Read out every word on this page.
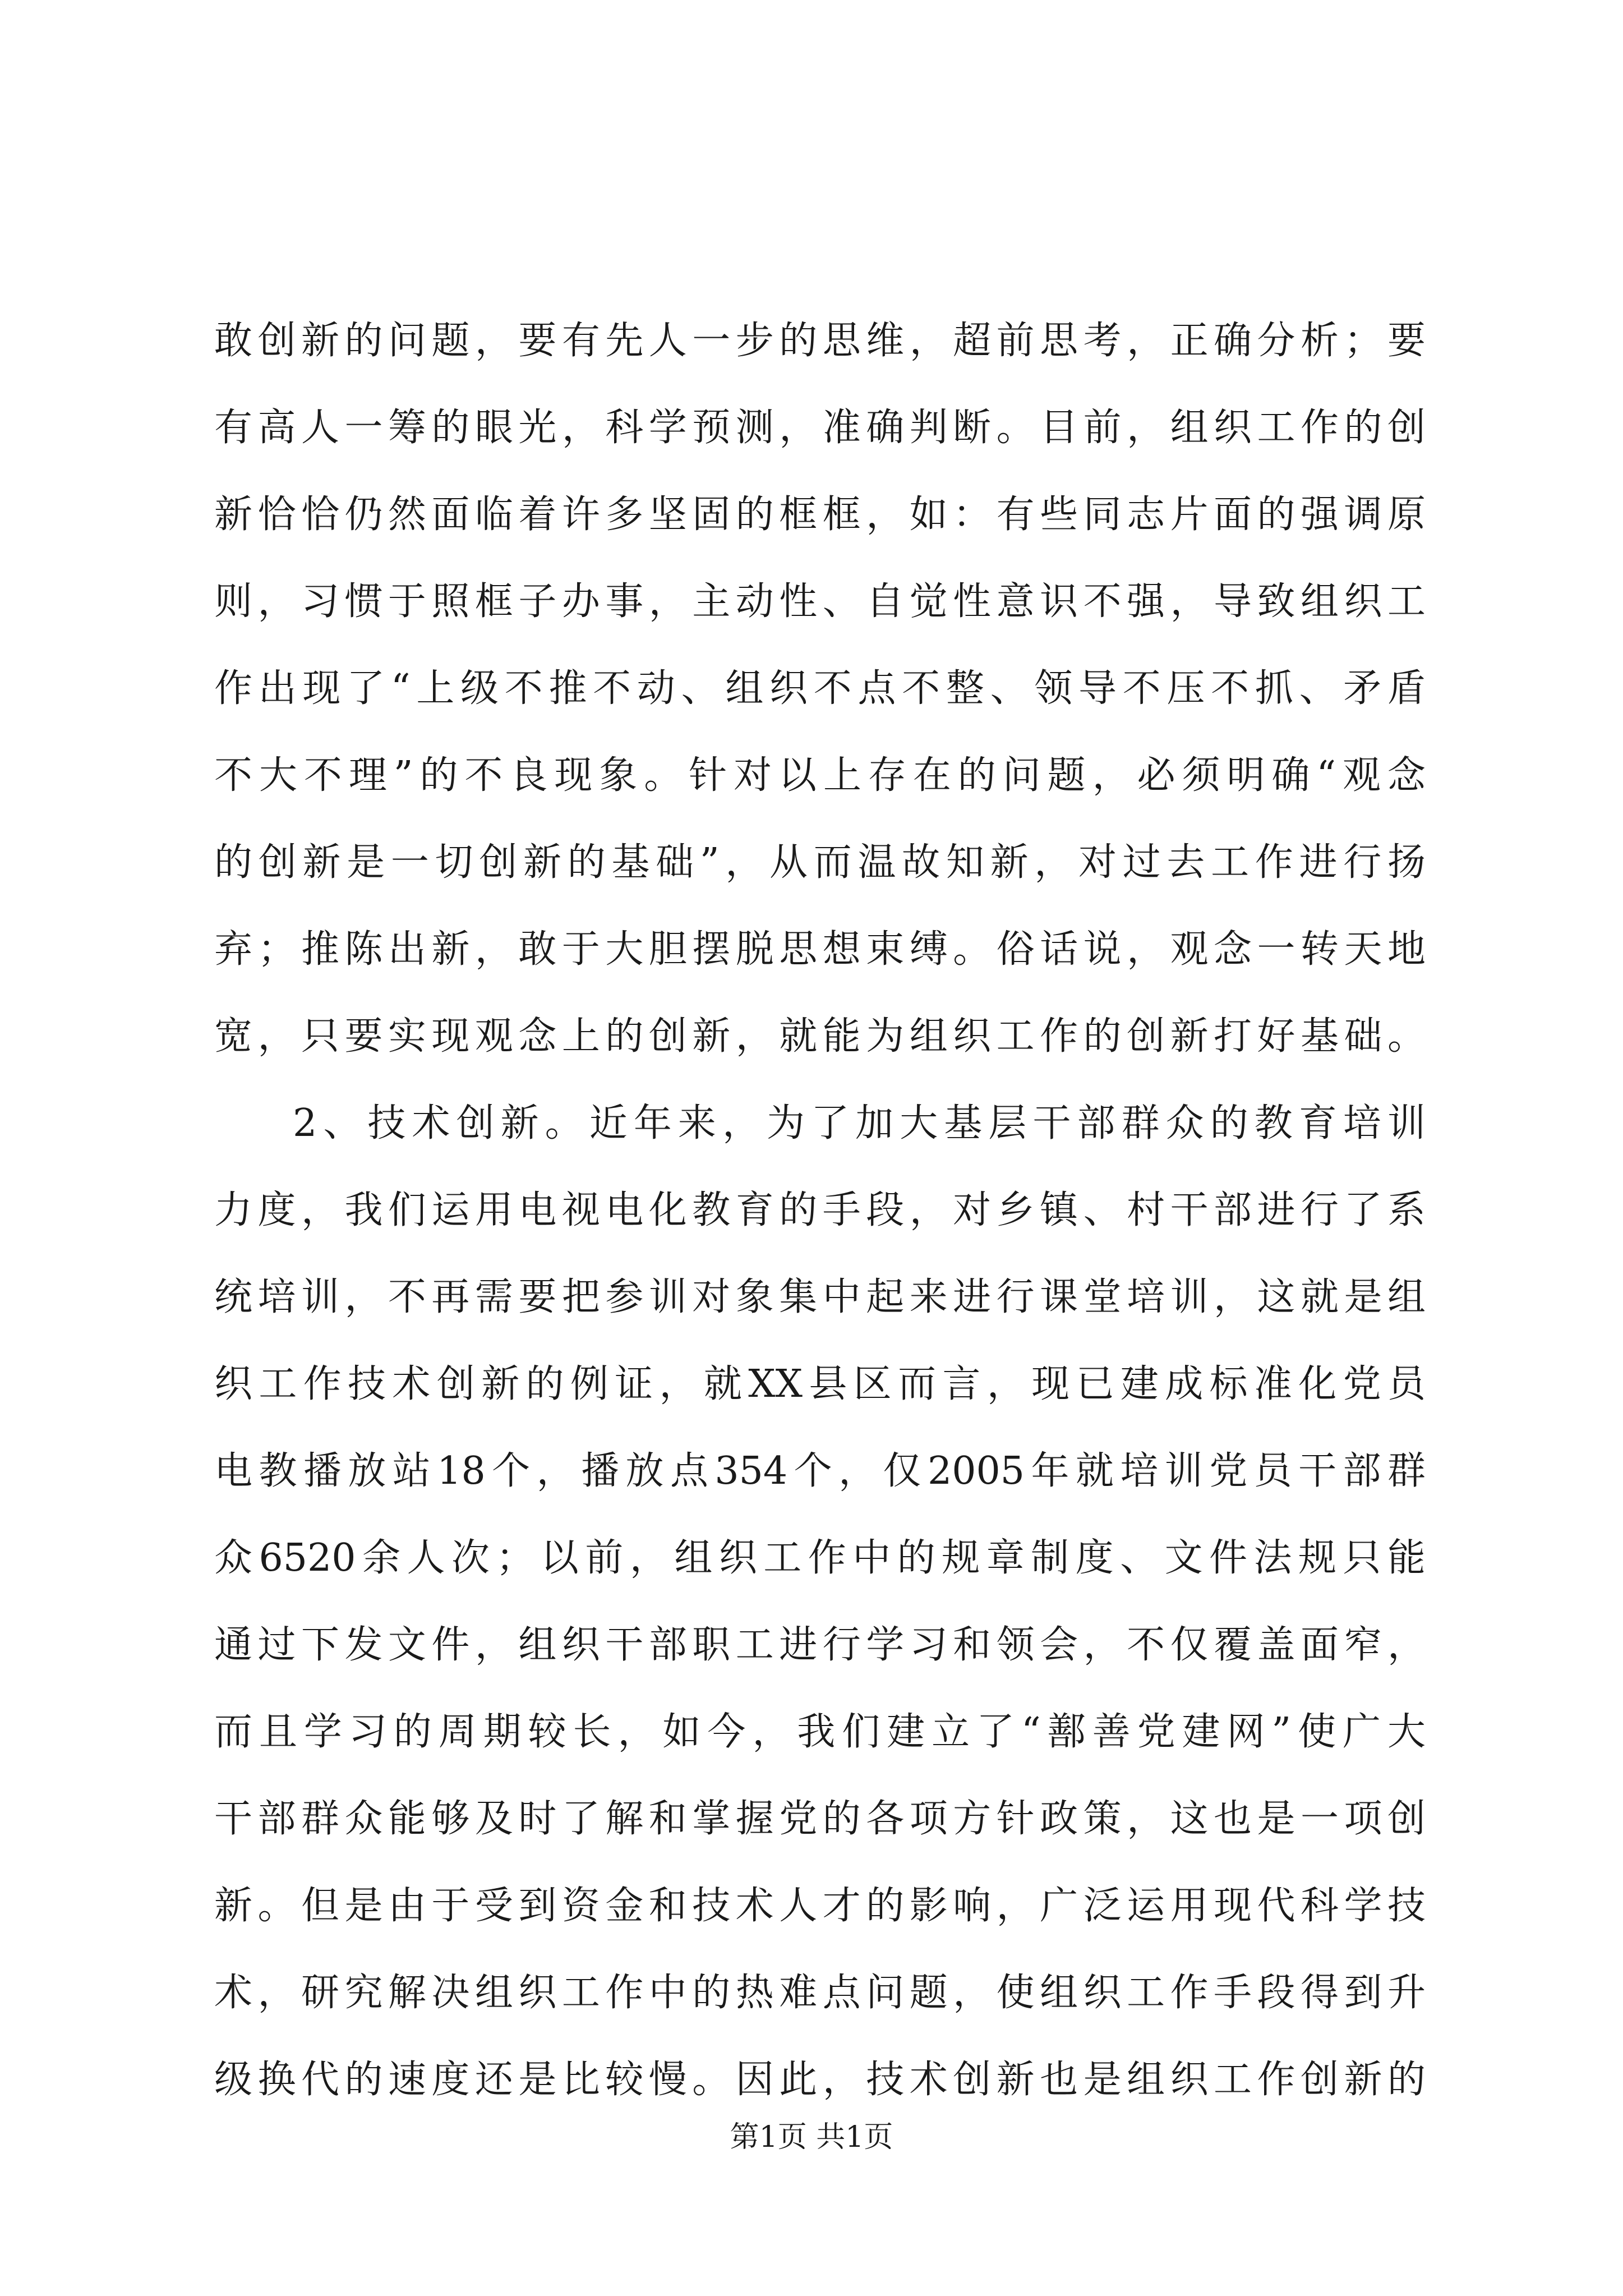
敢创新的问题，要有先人一步的思维，超前思考，正确分析；要
有高人一筹的眼光，科学预测，准确判断。目前，组织工作的创
新恰恰仍然面临着许多坚固的框框，如：有些同志片面的强调原
则，习惯于照框子办事，主动性、自觉性意识不强，导致组织工
作出现了“上级不推不动、组织不点不整、领导不压不抓、矛盾
不大不理”的不良现象。针对以上存在的问题，必须明确“观念
的创新是一切创新的基础”，从而温故知新，对过去工作进行扬
弃；推陈出新，敢于大胆摆脱思想束缚。俗话说，观念一转天地
宽，只要实现观念上的创新，就能为组织工作的创新打好基础。
2、技术创新。近年来，为了加大基层干部群众的教育培训
力度，我们运用电视电化教育的手段，对乡镇、村干部进行了系
统培训，不再需要把参训对象集中起来进行课堂培训，这就是组
织工作技术创新的例证，就XX县区而言，现已建成标准化党员
电教播放站18个，播放点354个，仅2005年就培训党员干部群
众6520余人次；以前，组织工作中的规章制度、文件法规只能
通过下发文件，组织干部职工进行学习和领会，不仅覆盖面窄，
而且学习的周期较长，如今，我们建立了“鄯善党建网”使广大
干部群众能够及时了解和掌握党的各项方针政策，这也是一项创
新。但是由于受到资金和技术人才的影响，广泛运用现代科学技
术，研究解决组织工作中的热难点问题，使组织工作手段得到升
级换代的速度还是比较慢。因此，技术创新也是组织工作创新的
第1页 共1页
